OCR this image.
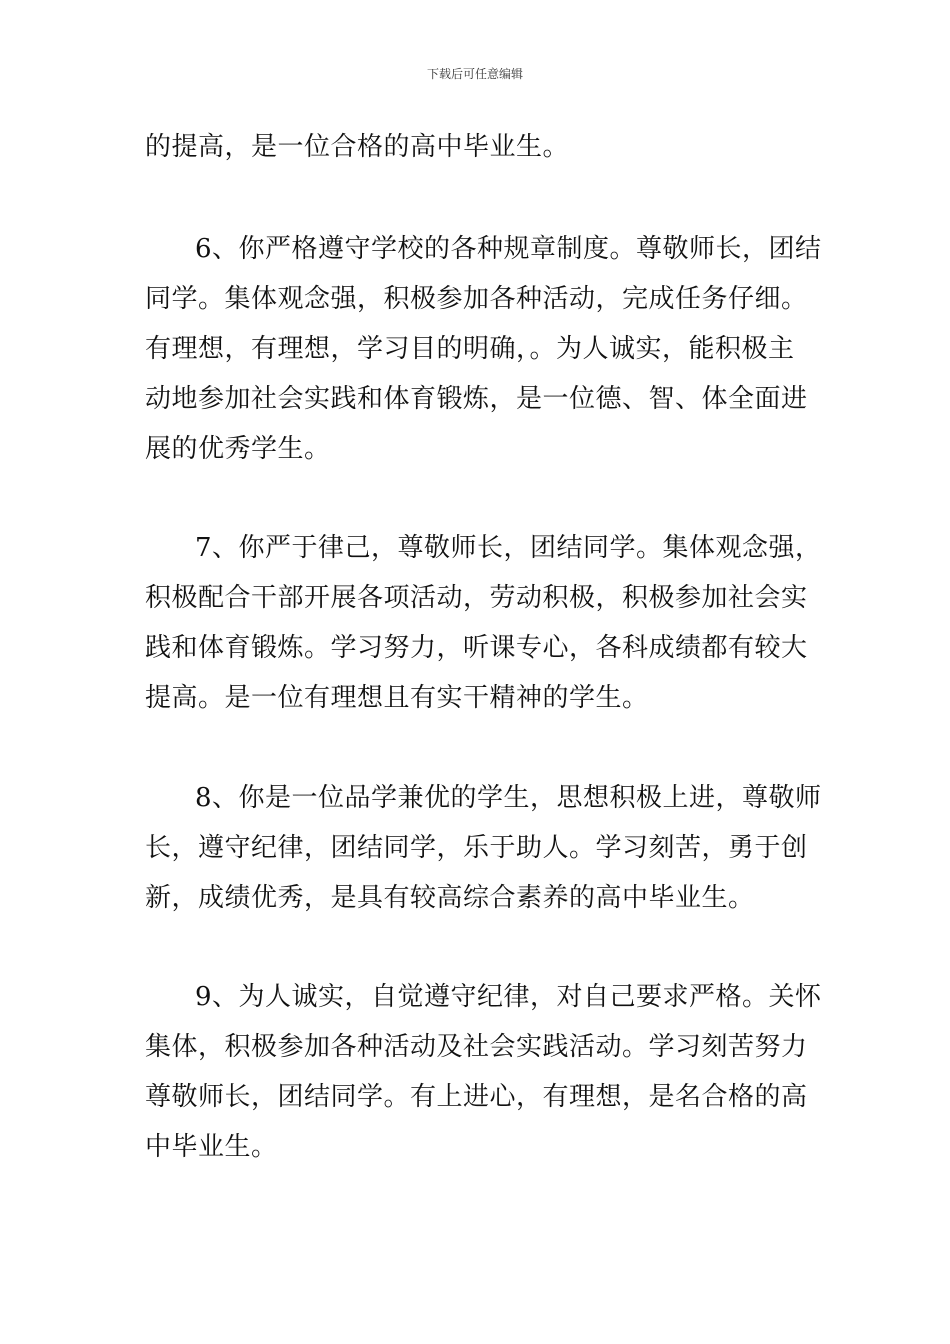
下载后可任意编辑
的提高，是一位合格的高中毕业生。
6、你严格遵守学校的各种规章制度。尊敬师长，团结
同学。集体观念强，积极参加各种活动，完成任务仔细。
有理想，有理想，学习目的明确，。为人诚实，能积极主
动地参加社会实践和体育锻炼，是一位德、智、体全面进
展的优秀学生。
7、你严于律己，尊敬师长，团结同学。集体观念强，
积极配合干部开展各项活动，劳动积极，积极参加社会实
践和体育锻炼。学习努力，听课专心，各科成绩都有较大
提高。是一位有理想且有实干精神的学生。
8、你是一位品学兼优的学生，思想积极上进，尊敬师
长，遵守纪律，团结同学，乐于助人。学习刻苦，勇于创
新，成绩优秀，是具有较高综合素养的高中毕业生。
9、为人诚实，自觉遵守纪律，对自己要求严格。关怀
集体，积极参加各种活动及社会实践活动。学习刻苦努力
尊敬师长，团结同学。有上进心，有理想，是名合格的高
中毕业生。
